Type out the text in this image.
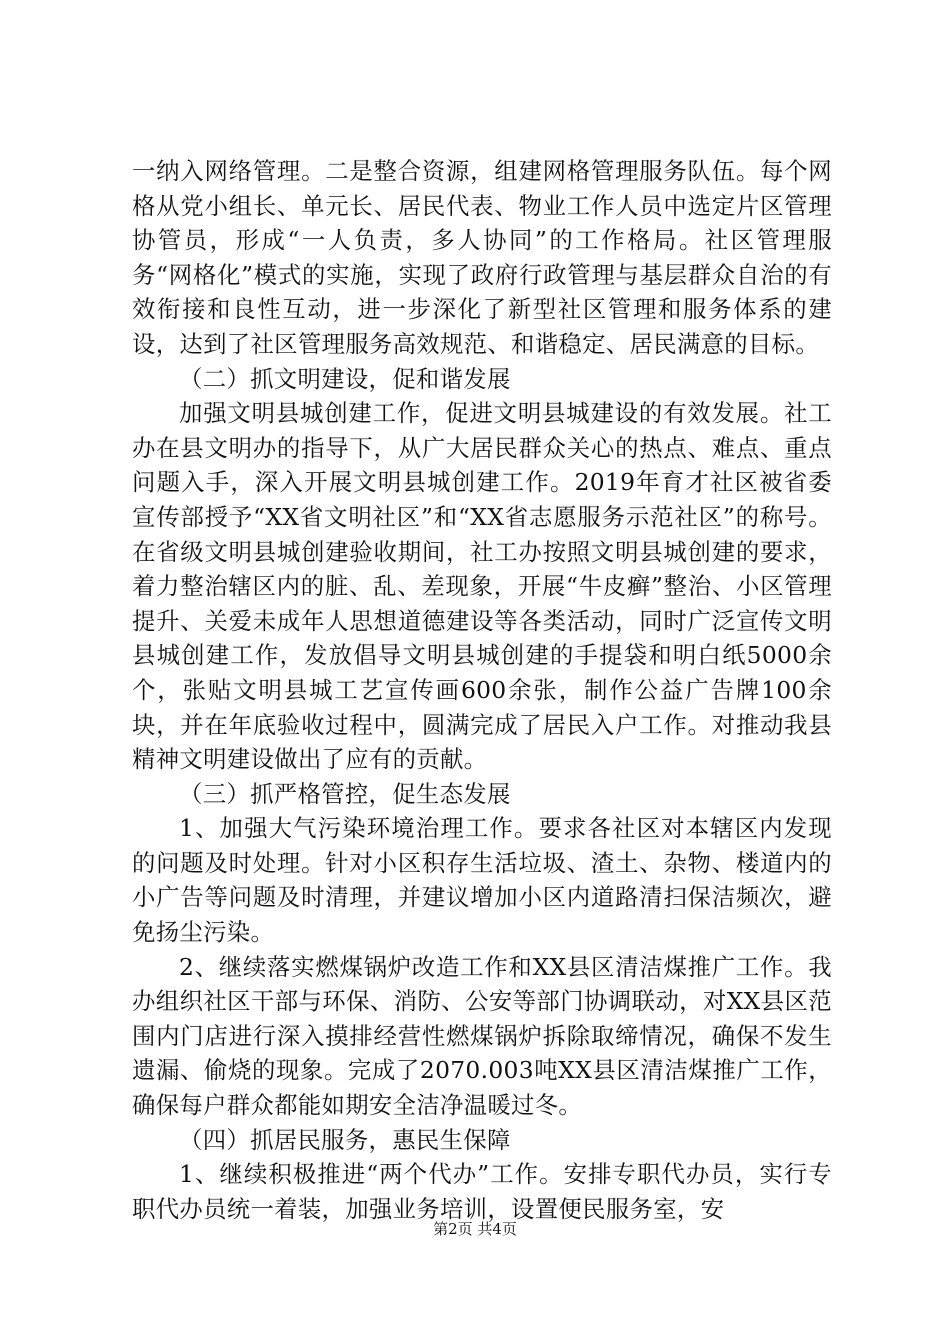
一纳入网络管理。二是整合资源，组建网格管理服务队伍。每个网格从党小组长、单元长、居民代表、物业工作人员中选定片区管理协管员，形成“一人负责，多人协同”的工作格局。社区管理服务“网格化”模式的实施，实现了政府行政管理与基层群众自治的有效衔接和良性互动，进一步深化了新型社区管理和服务体系的建设，达到了社区管理服务高效规范、和谐稳定、居民满意的目标。

（二）抓文明建设，促和谐发展

加强文明县城创建工作，促进文明县城建设的有效发展。社工办在县文明办的指导下，从广大居民群众关心的热点、难点、重点问题入手，深入开展文明县城创建工作。2019年育才社区被省委宣传部授予“XX省文明社区”和“XX省志愿服务示范社区”的称号。在省级文明县城创建验收期间，社工办按照文明县城创建的要求，着力整治辖区内的脏、乱、差现象，开展“牛皮癣”整治、小区管理提升、关爱未成年人思想道德建设等各类活动，同时广泛宣传文明县城创建工作，发放倡导文明县城创建的手提袋和明白纸5000余个，张贴文明县城工艺宣传画600余张，制作公益广告牌100余块，并在年底验收过程中，圆满完成了居民入户工作。对推动我县精神文明建设做出了应有的贡献。

（三）抓严格管控，促生态发展

1、加强大气污染环境治理工作。要求各社区对本辖区内发现的问题及时处理。针对小区积存生活垃圾、渣土、杂物、楼道内的小广告等问题及时清理，并建议增加小区内道路清扫保洁频次，避免扬尘污染。

2、继续落实燃煤锅炉改造工作和XX县区清洁煤推广工作。我办组织社区干部与环保、消防、公安等部门协调联动，对XX县区范围内门店进行深入摸排经营性燃煤锅炉拆除取缔情况，确保不发生遗漏、偷烧的现象。完成了2070.003吨XX县区清洁煤推广工作，确保每户群众都能如期安全洁净温暖过冬。

（四）抓居民服务，惠民生保障

1、继续积极推进“两个代办”工作。安排专职代办员，实行专职代办员统一着装，加强业务培训，设置便民服务室，安

第2页 共4页
